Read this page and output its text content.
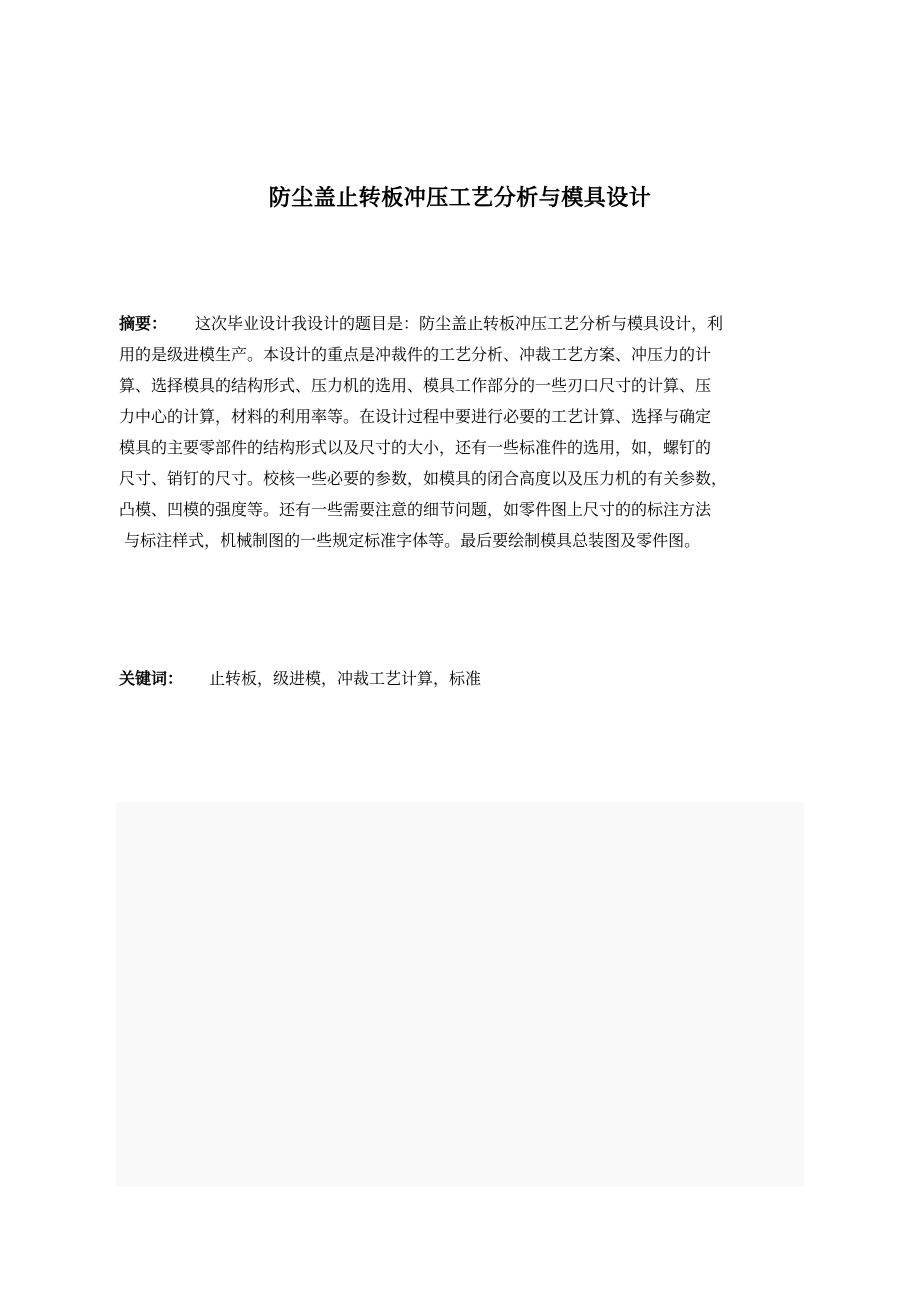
防尘盖止转板冲压工艺分析与模具设计

摘要： 这次毕业设计我设计的题目是：防尘盖止转板冲压工艺分析与模具设计，利

用的是级进模生产。本设计的重点是冲裁件的工艺分析、冲裁工艺方案、冲压力的计

算、选择模具的结构形式、压力机的选用、模具工作部分的一些刃口尺寸的计算、压

力中心的计算，材料的利用率等。在设计过程中要进行必要的工艺计算、选择与确定

模具的主要零部件的结构形式以及尺寸的大小，还有一些标准件的选用，如，螺钉的

尺寸、销钉的尺寸。校核一些必要的参数，如模具的闭合高度以及压力机的有关参数，

凸模、凹模的强度等。还有一些需要注意的细节问题，如零件图上尺寸的的标注方法

与标注样式，机械制图的一些规定标准字体等。最后要绘制模具总装图及零件图。

关键词： 止转板，级进模，冲裁工艺计算，标准
